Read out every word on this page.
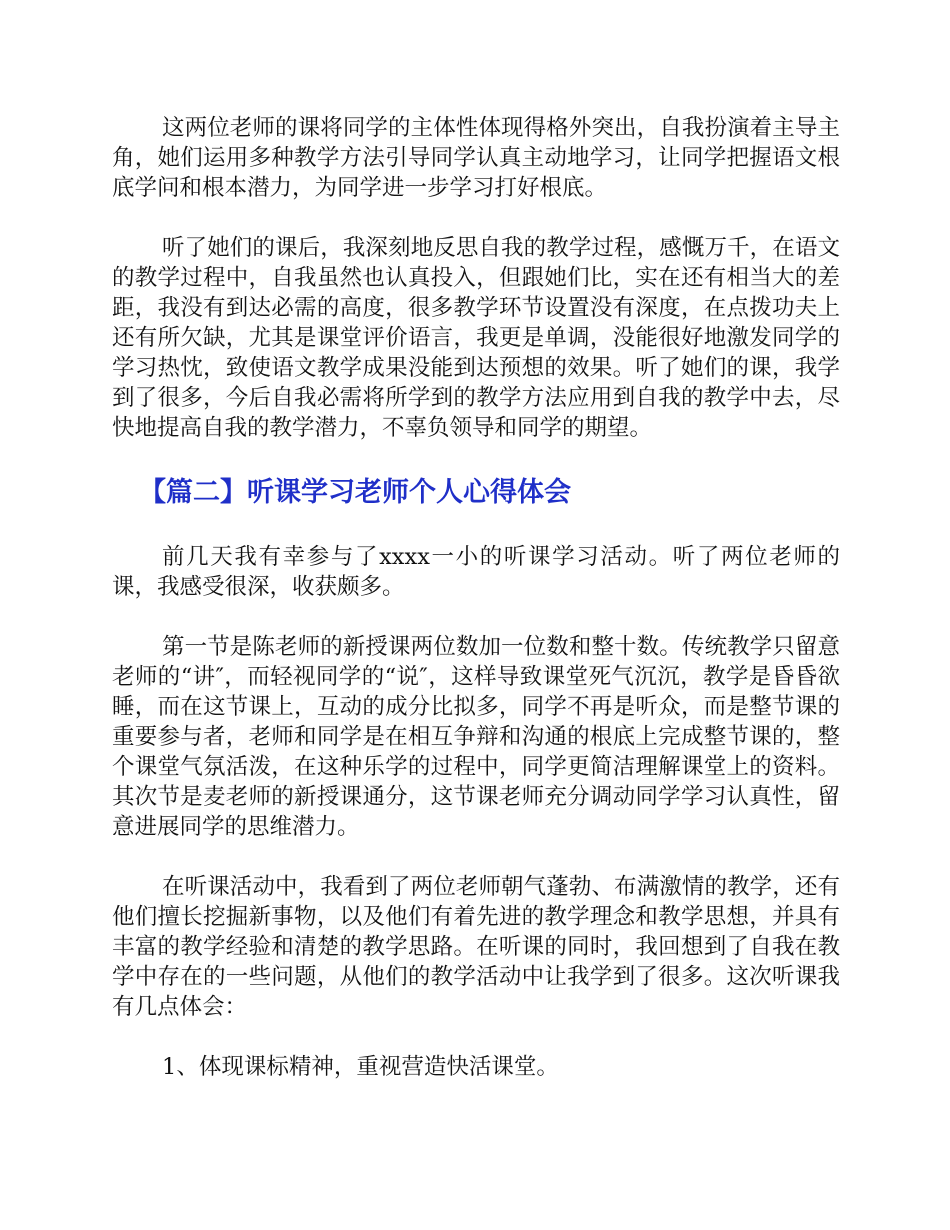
这两位老师的课将同学的主体性体现得格外突出，自我扮演着主导主角，她们运用多种教学方法引导同学认真主动地学习，让同学把握语文根底学问和根本潜力，为同学进一步学习打好根底。

听了她们的课后，我深刻地反思自我的教学过程，感慨万千，在语文的教学过程中，自我虽然也认真投入，但跟她们比，实在还有相当大的差距，我没有到达必需的高度，很多教学环节设置没有深度，在点拨功夫上还有所欠缺，尤其是课堂评价语言，我更是单调，没能很好地激发同学的学习热忱，致使语文教学成果没能到达预想的效果。听了她们的课，我学到了很多，今后自我必需将所学到的教学方法应用到自我的教学中去，尽快地提高自我的教学潜力，不辜负领导和同学的期望。

【篇二】听课学习老师个人心得体会

前几天我有幸参与了xxxx一小的听课学习活动。听了两位老师的课，我感受很深，收获颇多。

第一节是陈老师的新授课两位数加一位数和整十数。传统教学只留意老师的“讲″，而轻视同学的“说″，这样导致课堂死气沉沉，教学是昏昏欲睡，而在这节课上，互动的成分比拟多，同学不再是听众，而是整节课的重要参与者，老师和同学是在相互争辩和沟通的根底上完成整节课的，整个课堂气氛活泼，在这种乐学的过程中，同学更简洁理解课堂上的资料。其次节是麦老师的新授课通分，这节课老师充分调动同学学习认真性，留意进展同学的思维潜力。

在听课活动中，我看到了两位老师朝气蓬勃、布满激情的教学，还有他们擅长挖掘新事物，以及他们有着先进的教学理念和教学思想，并具有丰富的教学经验和清楚的教学思路。在听课的同时，我回想到了自我在教学中存在的一些问题，从他们的教学活动中让我学到了很多。这次听课我有几点体会：

1、体现课标精神，重视营造快活课堂。
